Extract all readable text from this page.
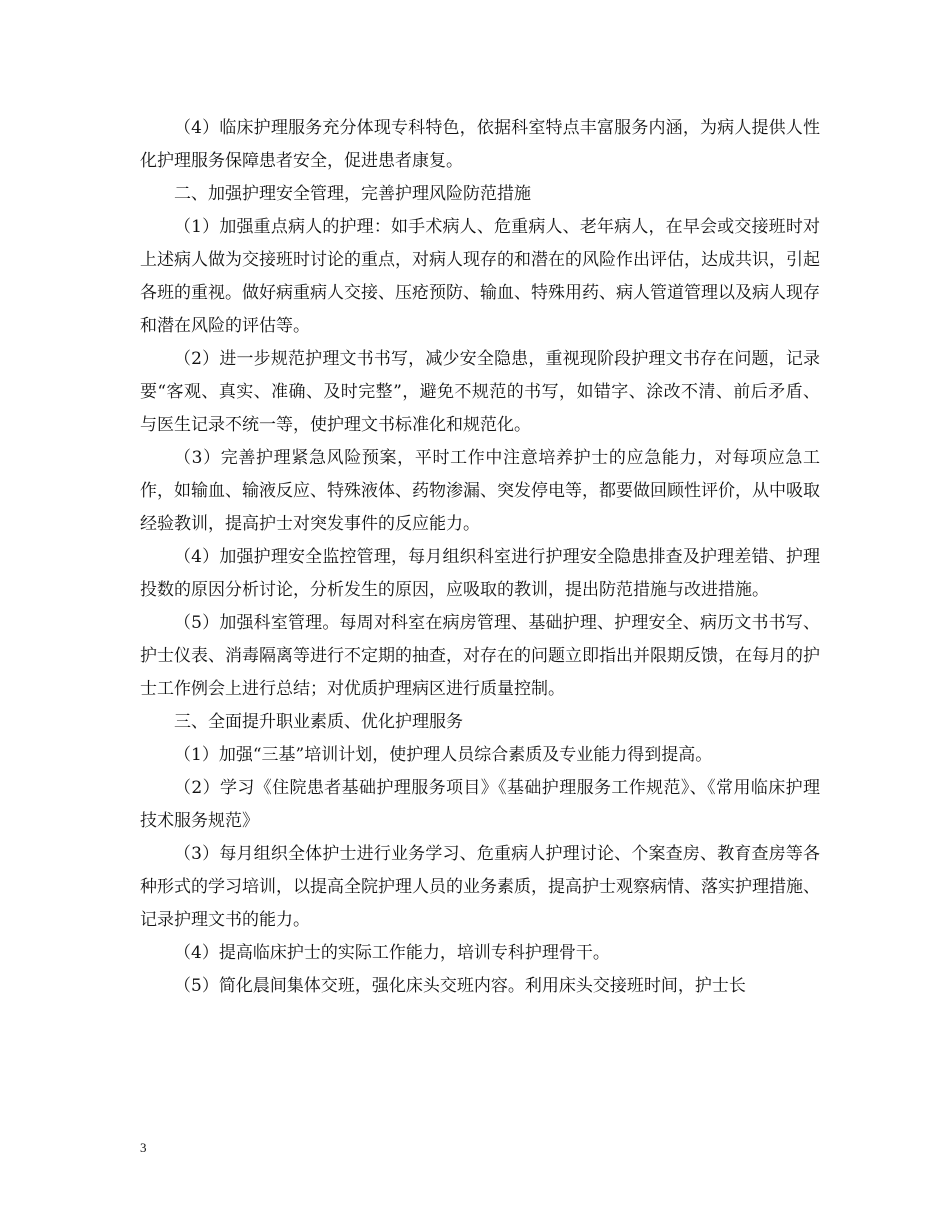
（4）临床护理服务充分体现专科特色，依据科室特点丰富服务内涵，为病人提供人性化护理服务保障患者安全，促进患者康复。

二、加强护理安全管理，完善护理风险防范措施

（1）加强重点病人的护理：如手术病人、危重病人、老年病人，在早会或交接班时对上述病人做为交接班时讨论的重点，对病人现存的和潜在的风险作出评估，达成共识，引起各班的重视。做好病重病人交接、压疮预防、输血、特殊用药、病人管道管理以及病人现存和潜在风险的评估等。

（2）进一步规范护理文书书写，减少安全隐患，重视现阶段护理文书存在问题，记录要“客观、真实、准确、及时完整”，避免不规范的书写，如错字、涂改不清、前后矛盾、与医生记录不统一等，使护理文书标准化和规范化。

（3）完善护理紧急风险预案，平时工作中注意培养护士的应急能力，对每项应急工作，如输血、输液反应、特殊液体、药物渗漏、突发停电等，都要做回顾性评价，从中吸取经验教训，提高护士对突发事件的反应能力。

（4）加强护理安全监控管理，每月组织科室进行护理安全隐患排查及护理差错、护理投数的原因分析讨论，分析发生的原因，应吸取的教训，提出防范措施与改进措施。

（5）加强科室管理。每周对科室在病房管理、基础护理、护理安全、病历文书书写、护士仪表、消毒隔离等进行不定期的抽查，对存在的问题立即指出并限期反馈，在每月的护士工作例会上进行总结；对优质护理病区进行质量控制。

三、全面提升职业素质、优化护理服务

（1）加强“三基”培训计划，使护理人员综合素质及专业能力得到提高。

（2）学习《住院患者基础护理服务项目》《基础护理服务工作规范》、《常用临床护理技术服务规范》

（3）每月组织全体护士进行业务学习、危重病人护理讨论、个案查房、教育查房等各种形式的学习培训，以提高全院护理人员的业务素质，提高护士观察病情、落实护理措施、记录护理文书的能力。

（4）提高临床护士的实际工作能力，培训专科护理骨干。

（5）简化晨间集体交班，强化床头交班内容。利用床头交接班时间，护士长

3
